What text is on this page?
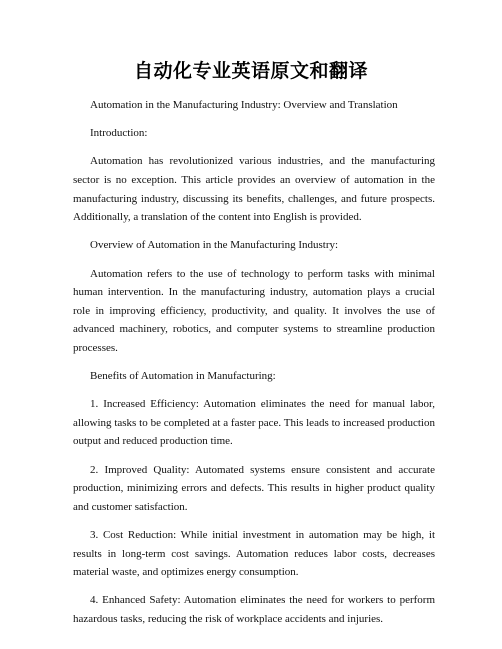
自动化专业英语原文和翻译

Automation in the Manufacturing Industry: Overview and Translation

Introduction:

Automation has revolutionized various industries, and the manufacturing sector is no exception. This article provides an overview of automation in the manufacturing industry, discussing its benefits, challenges, and future prospects. Additionally, a translation of the content into English is provided.

Overview of Automation in the Manufacturing Industry:

Automation refers to the use of technology to perform tasks with minimal human intervention. In the manufacturing industry, automation plays a crucial role in improving efficiency, productivity, and quality. It involves the use of advanced machinery, robotics, and computer systems to streamline production processes.

Benefits of Automation in Manufacturing:

1. Increased Efficiency: Automation eliminates the need for manual labor, allowing tasks to be completed at a faster pace. This leads to increased production output and reduced production time.

2. Improved Quality: Automated systems ensure consistent and accurate production, minimizing errors and defects. This results in higher product quality and customer satisfaction.

3. Cost Reduction: While initial investment in automation may be high, it results in long-term cost savings. Automation reduces labor costs, decreases material waste, and optimizes energy consumption.

4. Enhanced Safety: Automation eliminates the need for workers to perform hazardous tasks, reducing the risk of workplace accidents and injuries.
